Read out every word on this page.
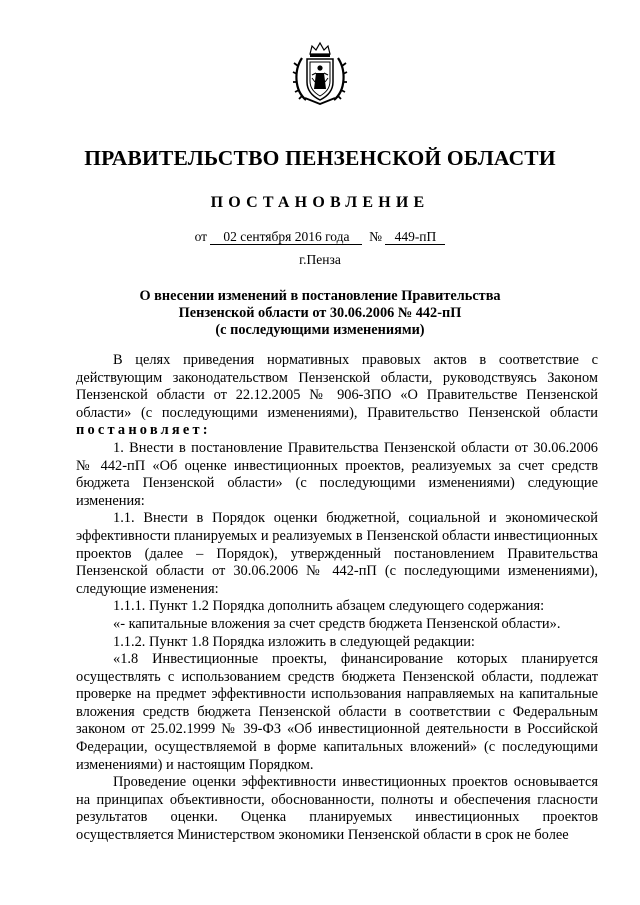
ПРАВИТЕЛЬСТВО ПЕНЗЕНСКОЙ ОБЛАСТИ
ПОСТАНОВЛЕНИЕ
от 02 сентября 2016 года № 449-пП
г.Пенза
О внесении изменений в постановление Правительства
Пензенской области от 30.06.2006 № 442-пП
(с последующими изменениями)

В целях приведения нормативных правовых актов в соответствие с действующим законодательством Пензенской области, руководствуясь Законом Пензенской области от 22.12.2005 № 906-ЗПО «О Правительстве Пензенской области» (с последующими изменениями), Правительство Пензенской области постановляет:

1. Внести в постановление Правительства Пензенской области от 30.06.2006 № 442-пП «Об оценке инвестиционных проектов, реализуемых за счет средств бюджета Пензенской области» (с последующими изменениями) следующие изменения:

1.1. Внести в Порядок оценки бюджетной, социальной и экономической эффективности планируемых и реализуемых в Пензенской области инвестиционных проектов (далее – Порядок), утвержденный постановлением Правительства Пензенской области от 30.06.2006 № 442-пП (с последующими изменениями), следующие изменения:

1.1.1. Пункт 1.2 Порядка дополнить абзацем следующего содержания:

«- капитальные вложения за счет средств бюджета Пензенской области».

1.1.2. Пункт 1.8 Порядка изложить в следующей редакции:

«1.8 Инвестиционные проекты, финансирование которых планируется осуществлять с использованием средств бюджета Пензенской области, подлежат проверке на предмет эффективности использования направляемых на капитальные вложения средств бюджета Пензенской области в соответствии с Федеральным законом от 25.02.1999 № 39-ФЗ «Об инвестиционной деятельности в Российской Федерации, осуществляемой в форме капитальных вложений» (с последующими изменениями) и настоящим Порядком.

Проведение оценки эффективности инвестиционных проектов основывается на принципах объективности, обоснованности, полноты и обеспечения гласности результатов оценки. Оценка планируемых инвестиционных проектов осуществляется Министерством экономики Пензенской области в срок не более
